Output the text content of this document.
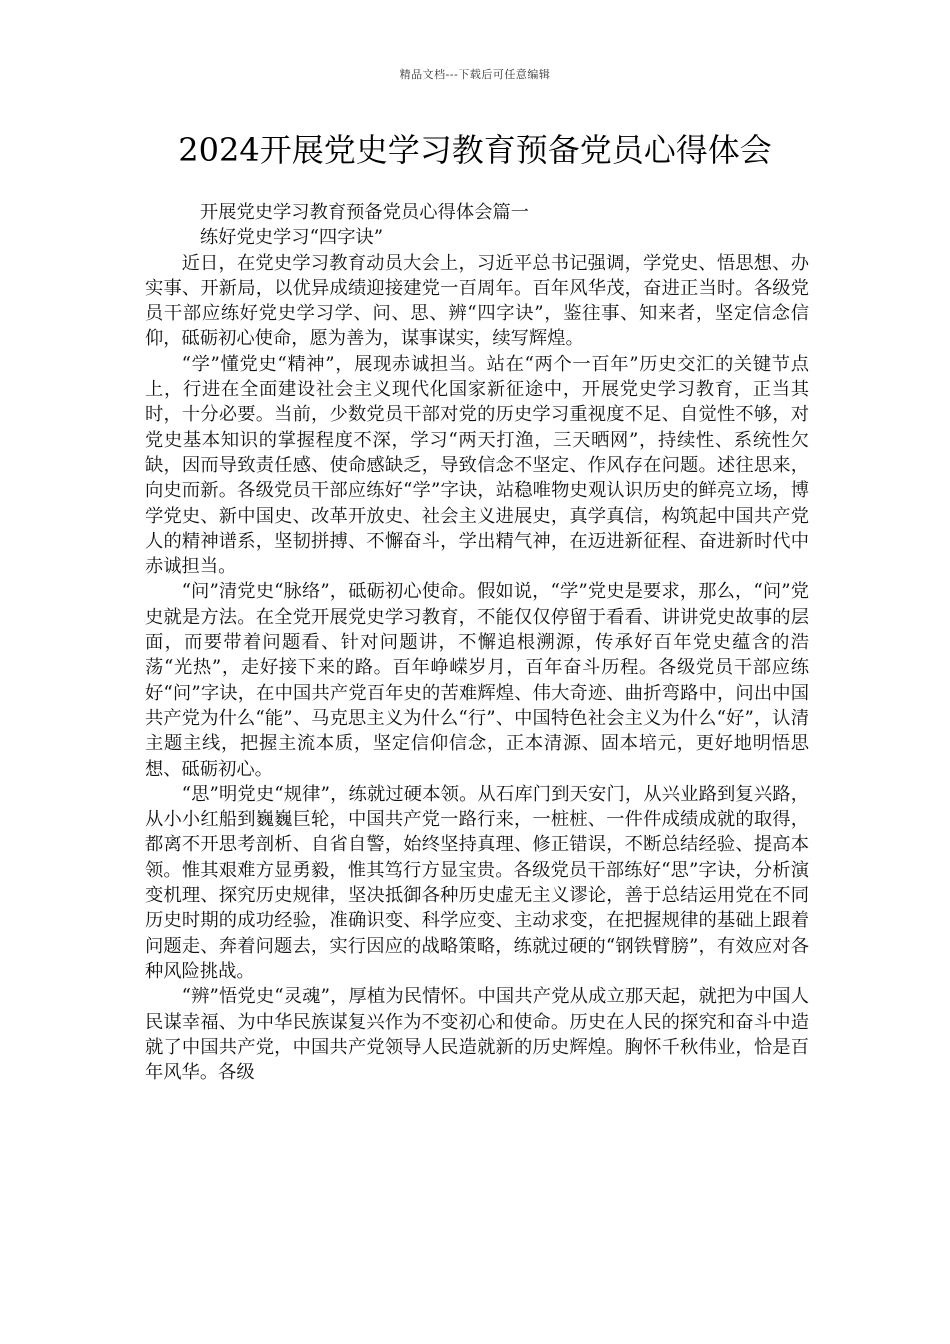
精品文档---下载后可任意编辑
2024开展党史学习教育预备党员心得体会

开展党史学习教育预备党员心得体会篇一

练好党史学习“四字诀”

近日，在党史学习教育动员大会上，习近平总书记强调，学党史、悟思想、办实事、开新局，以优异成绩迎接建党一百周年。百年风华茂，奋进正当时。各级党员干部应练好党史学习学、问、思、辨“四字诀”，鉴往事、知来者，坚定信念信仰，砥砺初心使命，愿为善为，谋事谋实，续写辉煌。

“学”懂党史“精神”，展现赤诚担当。站在“两个一百年”历史交汇的关键节点上，行进在全面建设社会主义现代化国家新征途中，开展党史学习教育，正当其时，十分必要。当前，少数党员干部对党的历史学习重视度不足、自觉性不够，对党史基本知识的掌握程度不深，学习“两天打渔，三天晒网”，持续性、系统性欠缺，因而导致责任感、使命感缺乏，导致信念不坚定、作风存在问题。述往思来，向史而新。各级党员干部应练好“学”字诀，站稳唯物史观认识历史的鲜亮立场，博学党史、新中国史、改革开放史、社会主义进展史，真学真信，构筑起中国共产党人的精神谱系，坚韧拼搏、不懈奋斗，学出精气神，在迈进新征程、奋进新时代中赤诚担当。

“问”清党史“脉络”，砥砺初心使命。假如说，“学”党史是要求，那么，“问”党史就是方法。在全党开展党史学习教育，不能仅仅停留于看看、讲讲党史故事的层面，而要带着问题看、针对问题讲，不懈追根溯源，传承好百年党史蕴含的浩荡“光热”，走好接下来的路。百年峥嵘岁月，百年奋斗历程。各级党员干部应练好“问”字诀，在中国共产党百年史的苦难辉煌、伟大奇迹、曲折弯路中，问出中国共产党为什么“能”、马克思主义为什么“行”、中国特色社会主义为什么“好”，认清主题主线，把握主流本质，坚定信仰信念，正本清源、固本培元，更好地明悟思想、砥砺初心。

“思”明党史“规律”，练就过硬本领。从石库门到天安门，从兴业路到复兴路，从小小红船到巍巍巨轮，中国共产党一路行来，一桩桩、一件件成绩成就的取得，都离不开思考剖析、自省自警，始终坚持真理、修正错误，不断总结经验、提高本领。惟其艰难方显勇毅，惟其笃行方显宝贵。各级党员干部练好“思”字诀，分析演变机理、探究历史规律，坚决抵御各种历史虚无主义谬论，善于总结运用党在不同历史时期的成功经验，准确识变、科学应变、主动求变，在把握规律的基础上跟着问题走、奔着问题去，实行因应的战略策略，练就过硬的“钢铁臂膀”，有效应对各种风险挑战。

“辨”悟党史“灵魂”，厚植为民情怀。中国共产党从成立那天起，就把为中国人民谋幸福、为中华民族谋复兴作为不变初心和使命。历史在人民的探究和奋斗中造就了中国共产党，中国共产党领导人民造就新的历史辉煌。胸怀千秋伟业，恰是百年风华。各级
